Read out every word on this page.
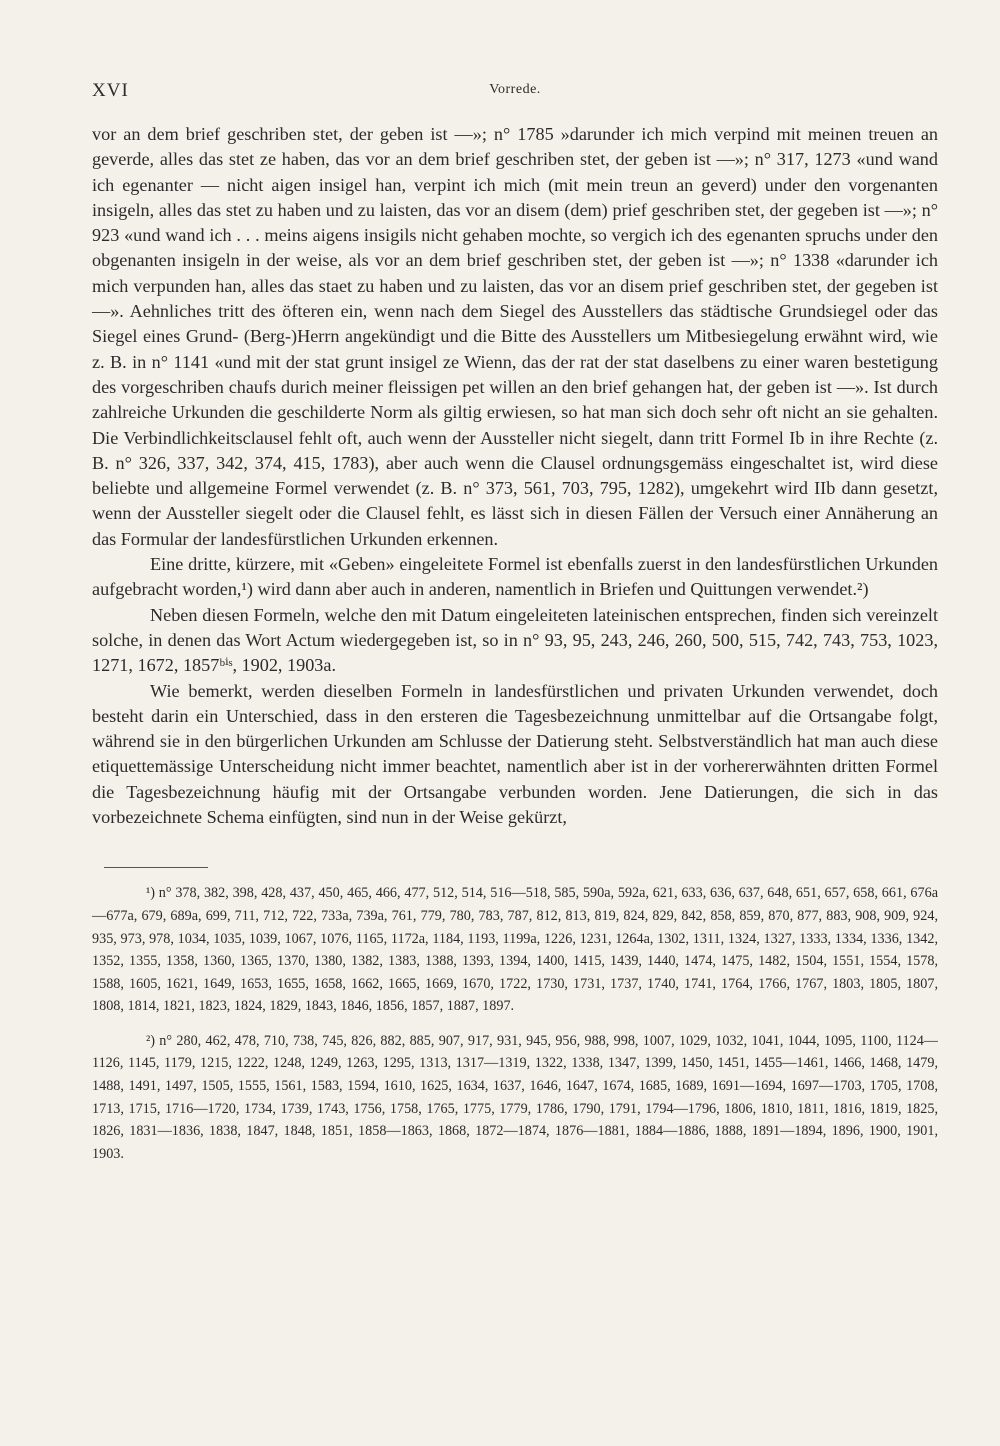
XVI	Vorrede.

vor an dem brief geschriben stet, der geben ist —»; n° 1785 »darunder ich mich verpind mit meinen treuen an geverde, alles das stet ze haben, das vor an dem brief geschriben stet, der geben ist —»; n° 317, 1273 «und wand ich egenanter — nicht aigen insigel han, verpint ich mich (mit mein treun an geverd) under den vorgenanten insigeln, alles das stet zu haben und zu laisten, das vor an disem (dem) prief geschriben stet, der gegeben ist —»; n° 923 «und wand ich . . . meins aigens insigils nicht gehaben mochte, so vergich ich des egenanten spruchs under den obgenanten insigeln in der weise, als vor an dem brief geschriben stet, der geben ist —»; n° 1338 «darunder ich mich verpunden han, alles das staet zu haben und zu laisten, das vor an disem prief geschriben stet, der gegeben ist —». Aehnliches tritt des öfteren ein, wenn nach dem Siegel des Ausstellers das städtische Grundsiegel oder das Siegel eines Grund- (Berg-)Herrn angekündigt und die Bitte des Ausstellers um Mitbesiegelung erwähnt wird, wie z. B. in n° 1141 «und mit der stat grunt insigel ze Wienn, das der rat der stat daselbens zu einer waren bestetigung des vorgeschriben chaufs durich meiner fleissigen pet willen an den brief gehangen hat, der geben ist —». Ist durch zahlreiche Urkunden die geschilderte Norm als giltig erwiesen, so hat man sich doch sehr oft nicht an sie gehalten. Die Verbindlichkeitsclausel fehlt oft, auch wenn der Aussteller nicht siegelt, dann tritt Formel Ib in ihre Rechte (z. B. n° 326, 337, 342, 374, 415, 1783), aber auch wenn die Clausel ordnungsgemäss eingeschaltet ist, wird diese beliebte und allgemeine Formel verwendet (z. B. n° 373, 561, 703, 795, 1282), umgekehrt wird IIb dann gesetzt, wenn der Aussteller siegelt oder die Clausel fehlt, es lässt sich in diesen Fällen der Versuch einer Annäherung an das Formular der landesfürstlichen Urkunden erkennen.

Eine dritte, kürzere, mit «Geben» eingeleitete Formel ist ebenfalls zuerst in den landesfürstlichen Urkunden aufgebracht worden,¹) wird dann aber auch in anderen, namentlich in Briefen und Quittungen verwendet.²)

Neben diesen Formeln, welche den mit Datum eingeleiteten lateinischen entsprechen, finden sich vereinzelt solche, in denen das Wort Actum wiedergegeben ist, so in n° 93, 95, 243, 246, 260, 500, 515, 742, 743, 753, 1023, 1271, 1672, 1857ᵇⁱˢ, 1902, 1903a.

Wie bemerkt, werden dieselben Formeln in landesfürstlichen und privaten Urkunden verwendet, doch besteht darin ein Unterschied, dass in den ersteren die Tagesbezeichnung unmittelbar auf die Ortsangabe folgt, während sie in den bürgerlichen Urkunden am Schlusse der Datierung steht. Selbstverständlich hat man auch diese etiquettemässige Unterscheidung nicht immer beachtet, namentlich aber ist in der vorhererwähnten dritten Formel die Tagesbezeichnung häufig mit der Ortsangabe verbunden worden. Jene Datierungen, die sich in das vorbezeichnete Schema einfügten, sind nun in der Weise gekürzt,

¹) n° 378, 382, 398, 428, 437, 450, 465, 466, 477, 512, 514, 516—518, 585, 590a, 592a, 621, 633, 636, 637, 648, 651, 657, 658, 661, 676a—677a, 679, 689a, 699, 711, 712, 722, 733a, 739a, 761, 779, 780, 783, 787, 812, 813, 819, 824, 829, 842, 858, 859, 870, 877, 883, 908, 909, 924, 935, 973, 978, 1034, 1035, 1039, 1067, 1076, 1165, 1172a, 1184, 1193, 1199a, 1226, 1231, 1264a, 1302, 1311, 1324, 1327, 1333, 1334, 1336, 1342, 1352, 1355, 1358, 1360, 1365, 1370, 1380, 1382, 1383, 1388, 1393, 1394, 1400, 1415, 1439, 1440, 1474, 1475, 1482, 1504, 1551, 1554, 1578, 1588, 1605, 1621, 1649, 1653, 1655, 1658, 1662, 1665, 1669, 1670, 1722, 1730, 1731, 1737, 1740, 1741, 1764, 1766, 1767, 1803, 1805, 1807, 1808, 1814, 1821, 1823, 1824, 1829, 1843, 1846, 1856, 1857, 1887, 1897.

²) n° 280, 462, 478, 710, 738, 745, 826, 882, 885, 907, 917, 931, 945, 956, 988, 998, 1007, 1029, 1032, 1041, 1044, 1095, 1100, 1124—1126, 1145, 1179, 1215, 1222, 1248, 1249, 1263, 1295, 1313, 1317—1319, 1322, 1338, 1347, 1399, 1450, 1451, 1455—1461, 1466, 1468, 1479, 1488, 1491, 1497, 1505, 1555, 1561, 1583, 1594, 1610, 1625, 1634, 1637, 1646, 1647, 1674, 1685, 1689, 1691—1694, 1697—1703, 1705, 1708, 1713, 1715, 1716—1720, 1734, 1739, 1743, 1756, 1758, 1765, 1775, 1779, 1786, 1790, 1791, 1794—1796, 1806, 1810, 1811, 1816, 1819, 1825, 1826, 1831—1836, 1838, 1847, 1848, 1851, 1858—1863, 1868, 1872—1874, 1876—1881, 1884—1886, 1888, 1891—1894, 1896, 1900, 1901, 1903.
